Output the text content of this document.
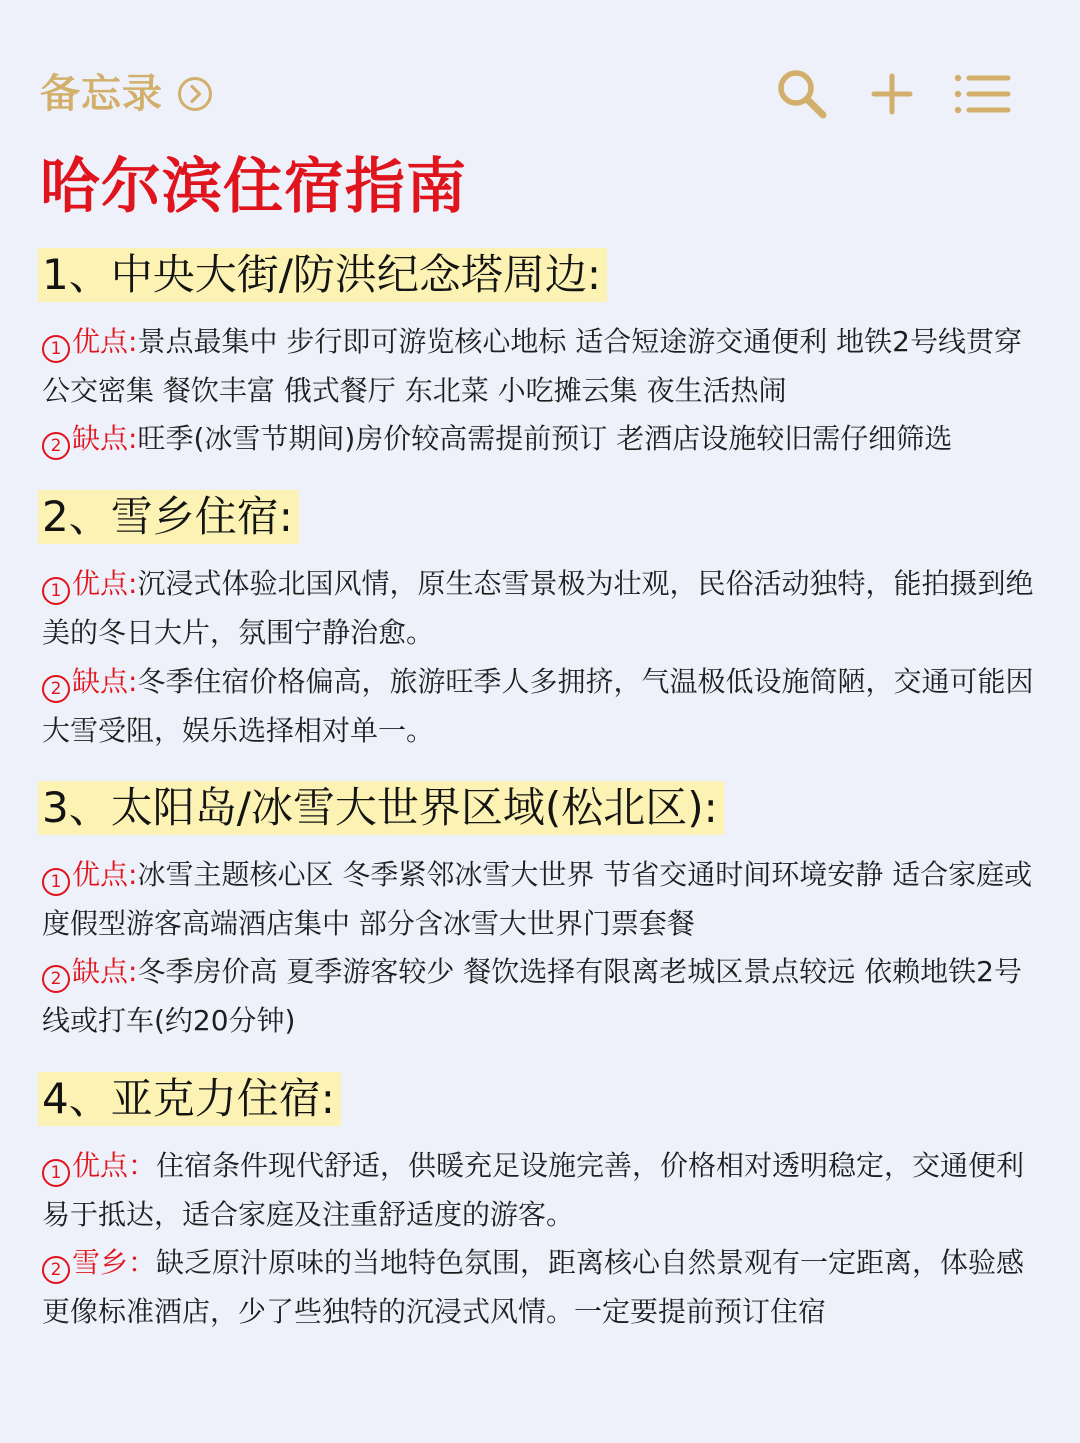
备忘录
哈尔滨住宿指南
1、中央大街/防洪纪念塔周边:

1 优点:景点最集中 步行即可游览核心地标 适合短途游交通便利 地铁2号线贯穿 公交密集 餐饮丰富 俄式餐厅 东北菜 小吃摊云集 夜生活热闹

2 缺点:旺季(冰雪节期间)房价较高需提前预订 老酒店设施较旧需仔细筛选

2、雪乡住宿:

1 优点:沉浸式体验北国风情，原生态雪景极为壮观，民俗活动独特，能拍摄到绝美的冬日大片，氛围宁静治愈。

2 缺点:冬季住宿价格偏高，旅游旺季人多拥挤，气温极低设施简陋，交通可能因大雪受阻，娱乐选择相对单一。

3、太阳岛/冰雪大世界区域(松北区):

1 优点:冰雪主题核心区 冬季紧邻冰雪大世界 节省交通时间环境安静 适合家庭或度假型游客高端酒店集中 部分含冰雪大世界门票套餐

2 缺点:冬季房价高 夏季游客较少 餐饮选择有限离老城区景点较远 依赖地铁2号线或打车(约20分钟)

4、亚克力住宿:

1 优点：住宿条件现代舒适，供暖充足设施完善，价格相对透明稳定，交通便利易于抵达，适合家庭及注重舒适度的游客。

2 雪乡：缺乏原汁原味的当地特色氛围，距离核心自然景观有一定距离，体验感更像标准酒店，少了些独特的沉浸式风情。一定要提前预订住宿
